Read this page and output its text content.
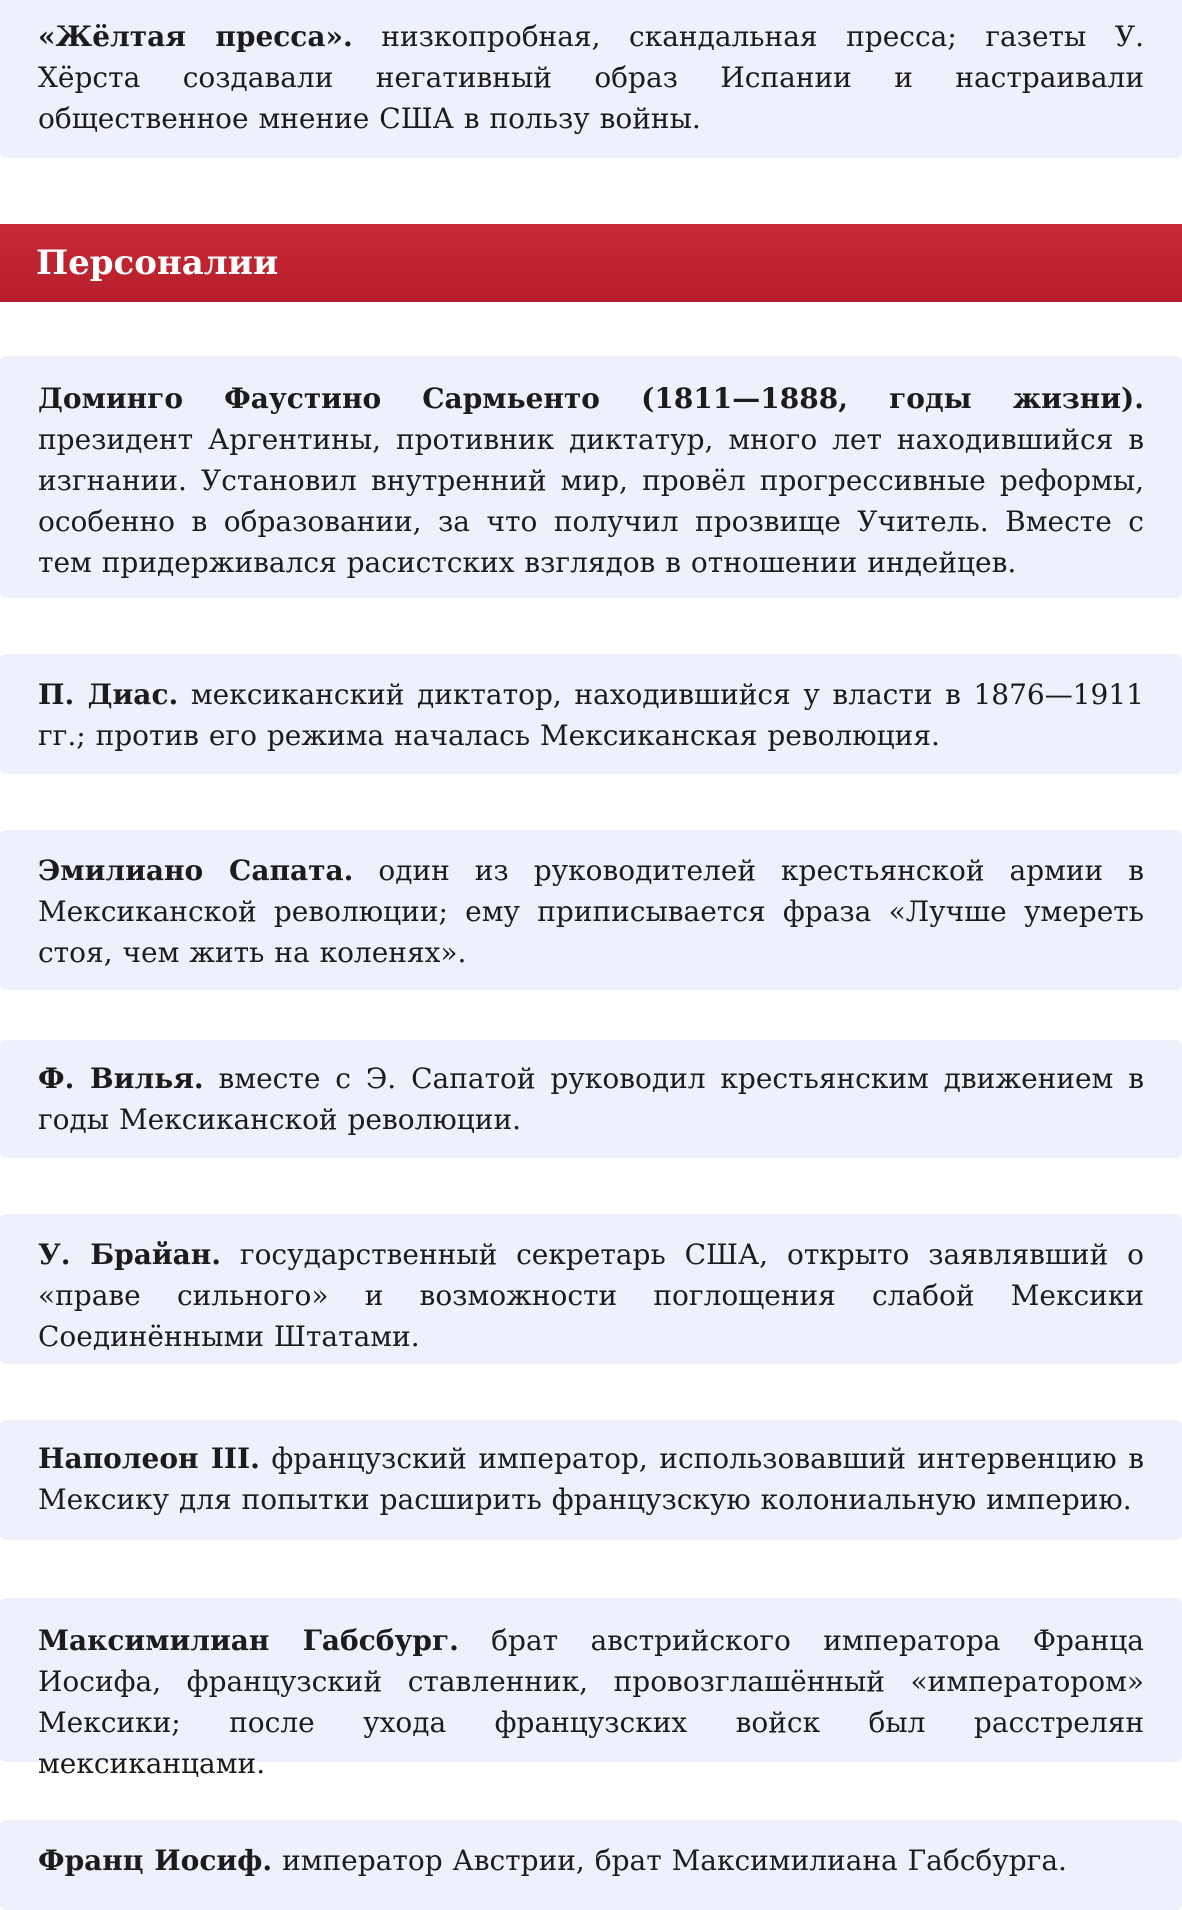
«Жёлтая пресса». низкопробная, скандальная пресса; газеты У. Хёрста создавали негативный образ Испании и настраивали общественное мнение США в пользу войны.

Персоналии

Доминго Фаустино Сармьенто (1811—1888, годы жизни). президент Аргентины, противник диктатур, много лет находившийся в изгнании. Установил внутренний мир, провёл прогрессивные реформы, особенно в образовании, за что получил прозвище Учитель. Вместе с тем придерживался расистских взглядов в отношении индейцев.

П. Диас. мексиканский диктатор, находившийся у власти в 1876—1911 гг.; против его режима началась Мексиканская революция.

Эмилиано Сапата. один из руководителей крестьянской армии в Мексиканской революции; ему приписывается фраза «Лучше умереть стоя, чем жить на коленях».

Ф. Вилья. вместе с Э. Сапатой руководил крестьянским движением в годы Мексиканской революции.

У. Брайан. государственный секретарь США, открыто заявлявший о «праве сильного» и возможности поглощения слабой Мексики Соединёнными Штатами.

Наполеон III. французский император, использовавший интервенцию в Мексику для попытки расширить французскую колониальную империю.

Максимилиан Габсбург. брат австрийского императора Франца Иосифа, французский ставленник, провозглашённый «императором» Мексики; после ухода французских войск был расстрелян мексиканцами.

Франц Иосиф. император Австрии, брат Максимилиана Габсбурга.
